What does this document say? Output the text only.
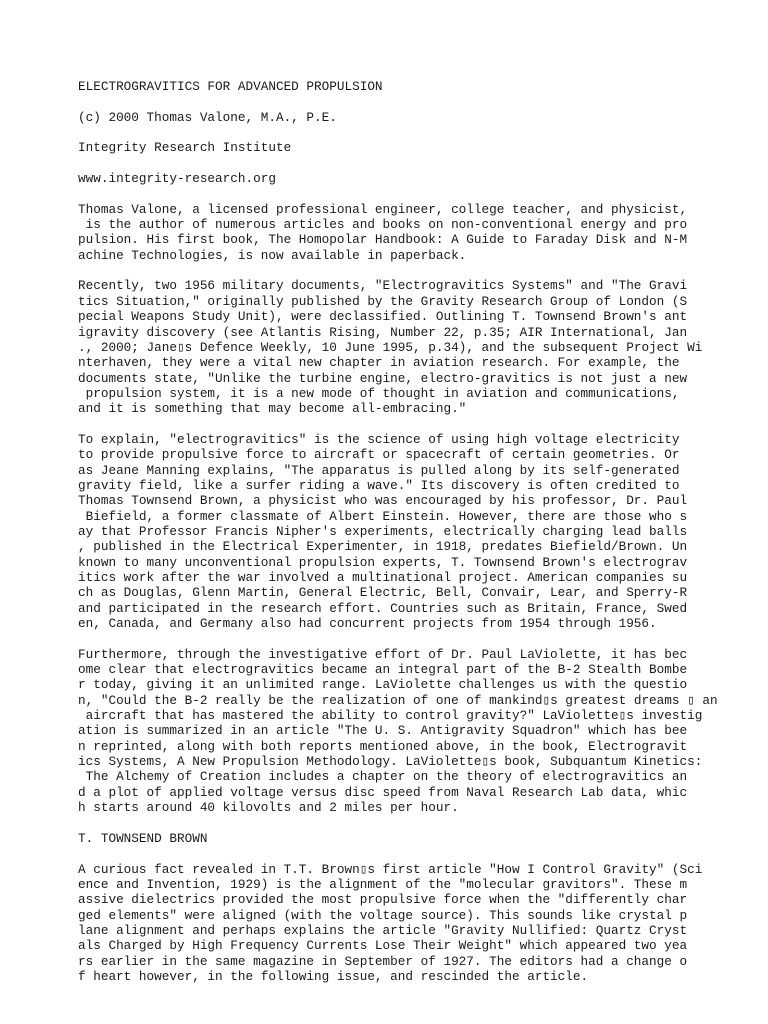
ELECTROGRAVITICS FOR ADVANCED PROPULSION
(c) 2000 Thomas Valone, M.A., P.E.
Integrity Research Institute
www.integrity-research.org
Thomas Valone, a licensed professional engineer, college teacher, and physicist,
is the author of numerous articles and books on non-conventional energy and pro
pulsion. His first book, The Homopolar Handbook: A Guide to Faraday Disk and N-M
achine Technologies, is now available in paperback.
Recently, two 1956 military documents, "Electrogravitics Systems" and "The Gravi
tics Situation," originally published by the Gravity Research Group of London (S
pecial Weapons Study Unit), were declassified. Outlining T. Townsend Brown's ant
igravity discovery (see Atlantis Rising, Number 22, p.35; AIR International, Jan
., 2000; Jane▯s Defence Weekly, 10 June 1995, p.34), and the subsequent Project Wi
nterhaven, they were a vital new chapter in aviation research. For example, the
documents state, "Unlike the turbine engine, electro-gravitics is not just a new
propulsion system, it is a new mode of thought in aviation and communications,
and it is something that may become all-embracing."
To explain, "electrogravitics" is the science of using high voltage electricity
to provide propulsive force to aircraft or spacecraft of certain geometries. Or
as Jeane Manning explains, "The apparatus is pulled along by its self-generated
gravity field, like a surfer riding a wave." Its discovery is often credited to
Thomas Townsend Brown, a physicist who was encouraged by his professor, Dr. Paul
Biefield, a former classmate of Albert Einstein. However, there are those who s
ay that Professor Francis Nipher's experiments, electrically charging lead balls
, published in the Electrical Experimenter, in 1918, predates Biefield/Brown. Un
known to many unconventional propulsion experts, T. Townsend Brown's electrograv
itics work after the war involved a multinational project. American companies su
ch as Douglas, Glenn Martin, General Electric, Bell, Convair, Lear, and Sperry-R
and participated in the research effort. Countries such as Britain, France, Swed
en, Canada, and Germany also had concurrent projects from 1954 through 1956.
Furthermore, through the investigative effort of Dr. Paul LaViolette, it has bec
ome clear that electrogravitics became an integral part of the B-2 Stealth Bombe
r today, giving it an unlimited range. LaViolette challenges us with the questio
n, "Could the B-2 really be the realization of one of mankind▯s greatest dreams ▯ an
aircraft that has mastered the ability to control gravity?" LaViolette▯s investig
ation is summarized in an article "The U. S. Antigravity Squadron" which has bee
n reprinted, along with both reports mentioned above, in the book, Electrogravit
ics Systems, A New Propulsion Methodology. LaViolette▯s book, Subquantum Kinetics:
The Alchemy of Creation includes a chapter on the theory of electrogravitics an
d a plot of applied voltage versus disc speed from Naval Research Lab data, whic
h starts around 40 kilovolts and 2 miles per hour.
T. TOWNSEND BROWN
A curious fact revealed in T.T. Brown▯s first article "How I Control Gravity" (Sci
ence and Invention, 1929) is the alignment of the "molecular gravitors". These m
assive dielectrics provided the most propulsive force when the "differently char
ged elements" were aligned (with the voltage source). This sounds like crystal p
lane alignment and perhaps explains the article "Gravity Nullified: Quartz Cryst
als Charged by High Frequency Currents Lose Their Weight" which appeared two yea
rs earlier in the same magazine in September of 1927. The editors had a change o
f heart however, in the following issue, and rescinded the article.
